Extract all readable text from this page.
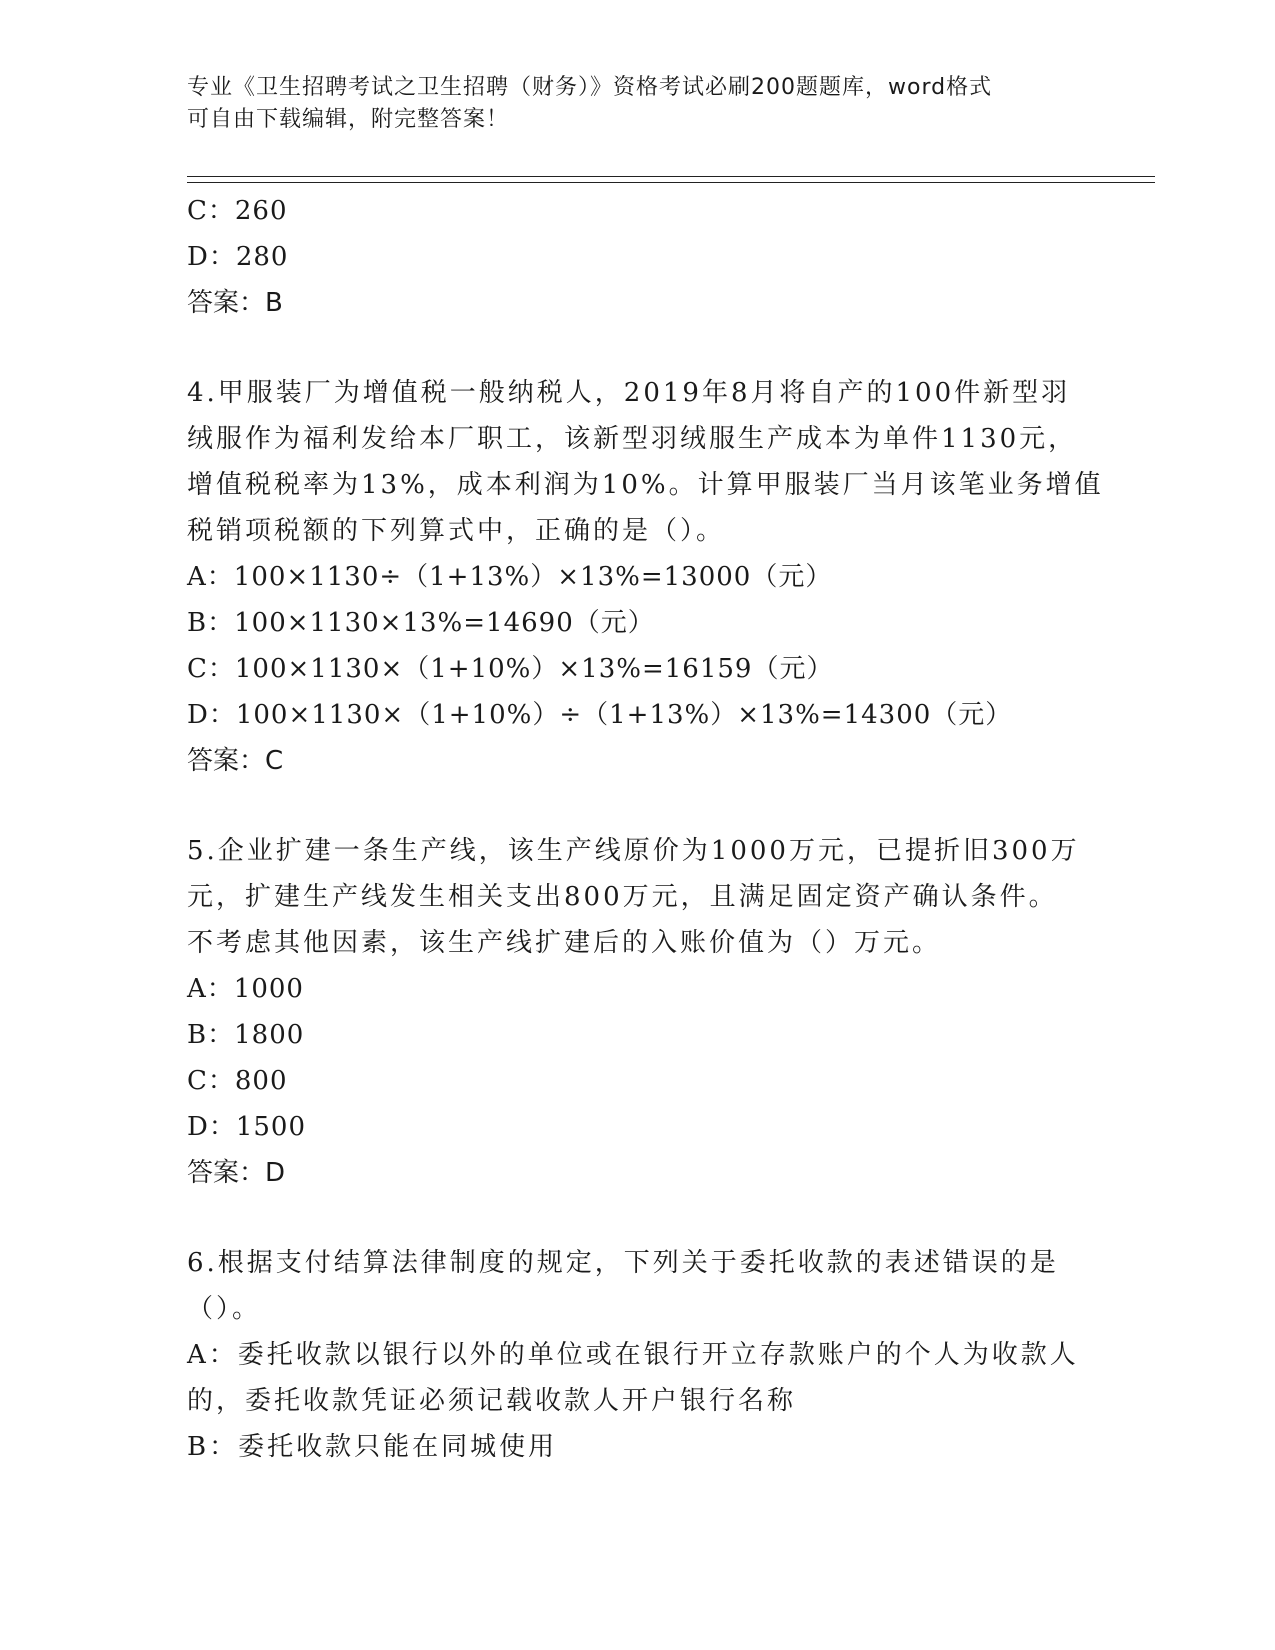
专业《卫生招聘考试之卫生招聘（财务）》资格考试必刷200题题库，word格式
可自由下载编辑，附完整答案！
C：260
D：280
答案：B
4.甲服装厂为增值税一般纳税人，2019年8月将自产的100件新型羽
绒服作为福利发给本厂职工，该新型羽绒服生产成本为单件1130元，
增值税税率为13%，成本利润为10%。计算甲服装厂当月该笔业务增值
税销项税额的下列算式中，正确的是（）。
A：100×1130÷（1+13%）×13%=13000（元）
B：100×1130×13%=14690（元）
C：100×1130×（1+10%）×13%=16159（元）
D：100×1130×（1+10%）÷（1+13%）×13%=14300（元）
答案：C
5.企业扩建一条生产线，该生产线原价为1000万元，已提折旧300万
元，扩建生产线发生相关支出800万元，且满足固定资产确认条件。
不考虑其他因素，该生产线扩建后的入账价值为（）万元。
A：1000
B：1800
C：800
D：1500
答案：D
6.根据支付结算法律制度的规定，下列关于委托收款的表述错误的是
（）。
A：委托收款以银行以外的单位或在银行开立存款账户的个人为收款人
的，委托收款凭证必须记载收款人开户银行名称
B：委托收款只能在同城使用
